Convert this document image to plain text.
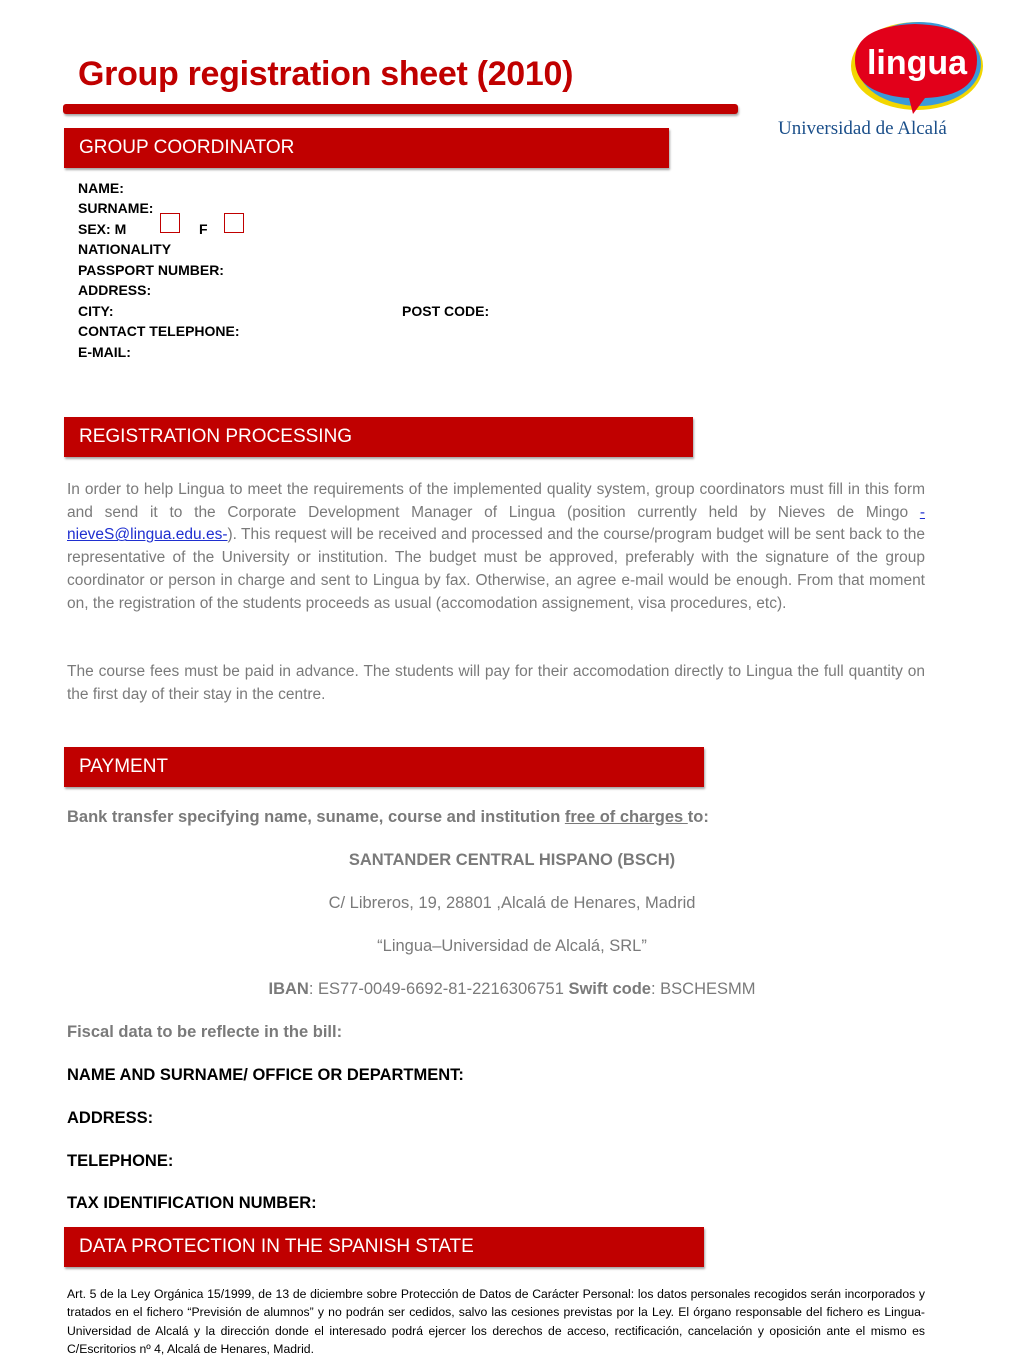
Group registration sheet (2010)	lingua
Universidad de Alcalá
GROUP COORDINATOR
NAME:
SURNAME:
SEX: M	F
NATIONALITY
PASSPORT NUMBER:
ADDRESS:
CITY:	POST CODE:
CONTACT TELEPHONE:
E-MAIL:
REGISTRATION PROCESSING

In order to help Lingua to meet the requirements of the implemented quality system, group coordinators must fill in this form and send it to the Corporate Development Manager of Lingua (position currently held by Nieves de Mingo -nieveS@lingua.edu.es-). This request will be received and processed and the course/program budget will be sent back to the representative of the University or institution. The budget must be approved, preferably with the signature of the group coordinator or person in charge and sent to Lingua by fax. Otherwise, an agree e-mail would be enough. From that moment on, the registration of the students proceeds as usual (accomodation assignement, visa procedures, etc).

The course fees must be paid in advance. The students will pay for their accomodation directly to Lingua the full quantity on the first day of their stay in the centre.

PAYMENT

Bank transfer specifying name, suname, course and institution free of charges to:

SANTANDER CENTRAL HISPANO (BSCH)

C/ Libreros, 19, 28801 ,Alcalá de Henares, Madrid

“Lingua–Universidad de Alcalá, SRL”

IBAN: ES77-0049-6692-81-2216306751 Swift code: BSCHESMM

Fiscal data to be reflecte in the bill:

NAME AND SURNAME/ OFFICE OR DEPARTMENT:

ADDRESS:

TELEPHONE:

TAX IDENTIFICATION NUMBER:

DATA PROTECTION IN THE SPANISH STATE

Art. 5 de la Ley Orgánica 15/1999, de 13 de diciembre sobre Protección de Datos de Carácter Personal: los datos personales recogidos serán incorporados y tratados en el fichero “Previsión de alumnos” y no podrán ser cedidos, salvo las cesiones previstas por la Ley. El órgano responsable del fichero es Lingua-Universidad de Alcalá y la dirección donde el interesado podrá ejercer los derechos de acceso, rectificación, cancelación y oposición ante el mismo es C/Escritorios nº 4, Alcalá de Henares, Madrid.
